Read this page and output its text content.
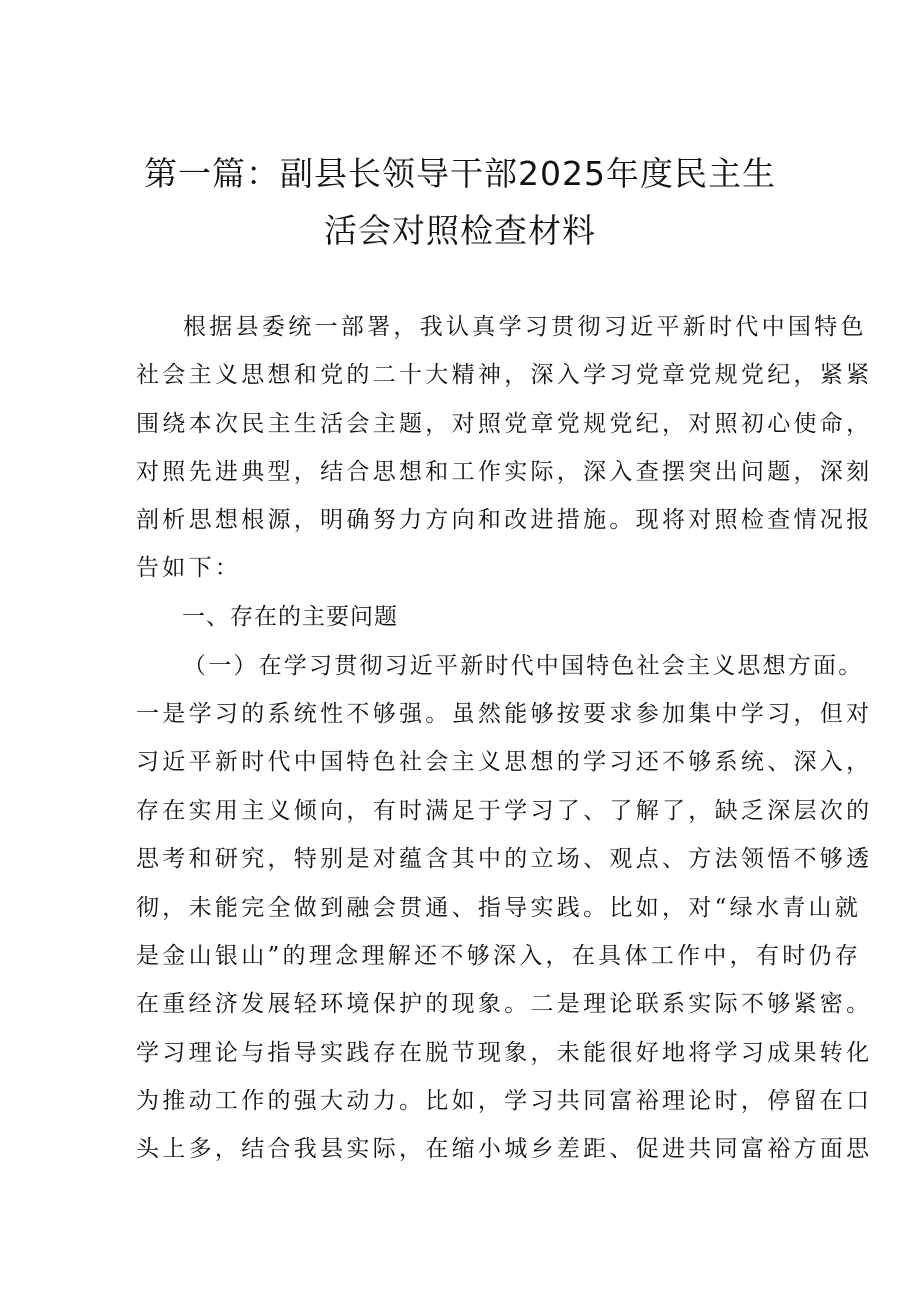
第一篇：副县长领导干部2025年度民主生
活会对照检查材料
根据县委统一部署，我认真学习贯彻习近平新时代中国特色
社会主义思想和党的二十大精神，深入学习党章党规党纪，紧紧
围绕本次民主生活会主题，对照党章党规党纪，对照初心使命，
对照先进典型，结合思想和工作实际，深入查摆突出问题，深刻
剖析思想根源，明确努力方向和改进措施。现将对照检查情况报
告如下：
一、存在的主要问题
（一）在学习贯彻习近平新时代中国特色社会主义思想方面。
一是学习的系统性不够强。虽然能够按要求参加集中学习，但对
习近平新时代中国特色社会主义思想的学习还不够系统、深入，
存在实用主义倾向，有时满足于学习了、了解了，缺乏深层次的
思考和研究，特别是对蕴含其中的立场、观点、方法领悟不够透
彻，未能完全做到融会贯通、指导实践。比如，对“绿水青山就
是金山银山”的理念理解还不够深入，在具体工作中，有时仍存
在重经济发展轻环境保护的现象。二是理论联系实际不够紧密。
学习理论与指导实践存在脱节现象，未能很好地将学习成果转化
为推动工作的强大动力。比如，学习共同富裕理论时，停留在口
头上多，结合我县实际，在缩小城乡差距、促进共同富裕方面思
